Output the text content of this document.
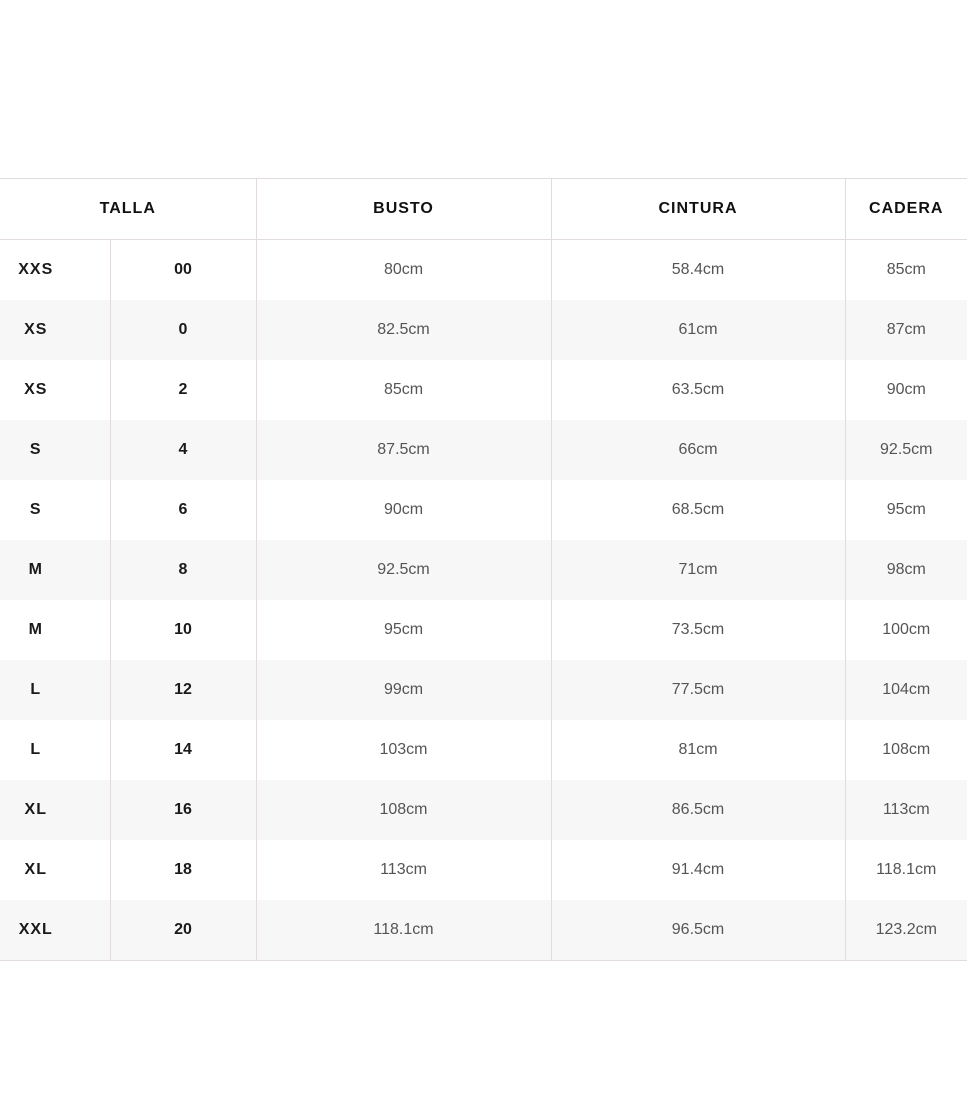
TALLA		BUSTO	CINTURA	CADERA
XXS	00	80cm	58.4cm	85cm
XS	0	82.5cm	61cm	87cm
XS	2	85cm	63.5cm	90cm
S	4	87.5cm	66cm	92.5cm
S	6	90cm	68.5cm	95cm
M	8	92.5cm	71cm	98cm
M	10	95cm	73.5cm	100cm
L	12	99cm	77.5cm	104cm
L	14	103cm	81cm	108cm
XL	16	108cm	86.5cm	113cm
XL	18	113cm	91.4cm	118.1cm
XXL	20	118.1cm	96.5cm	123.2cm
